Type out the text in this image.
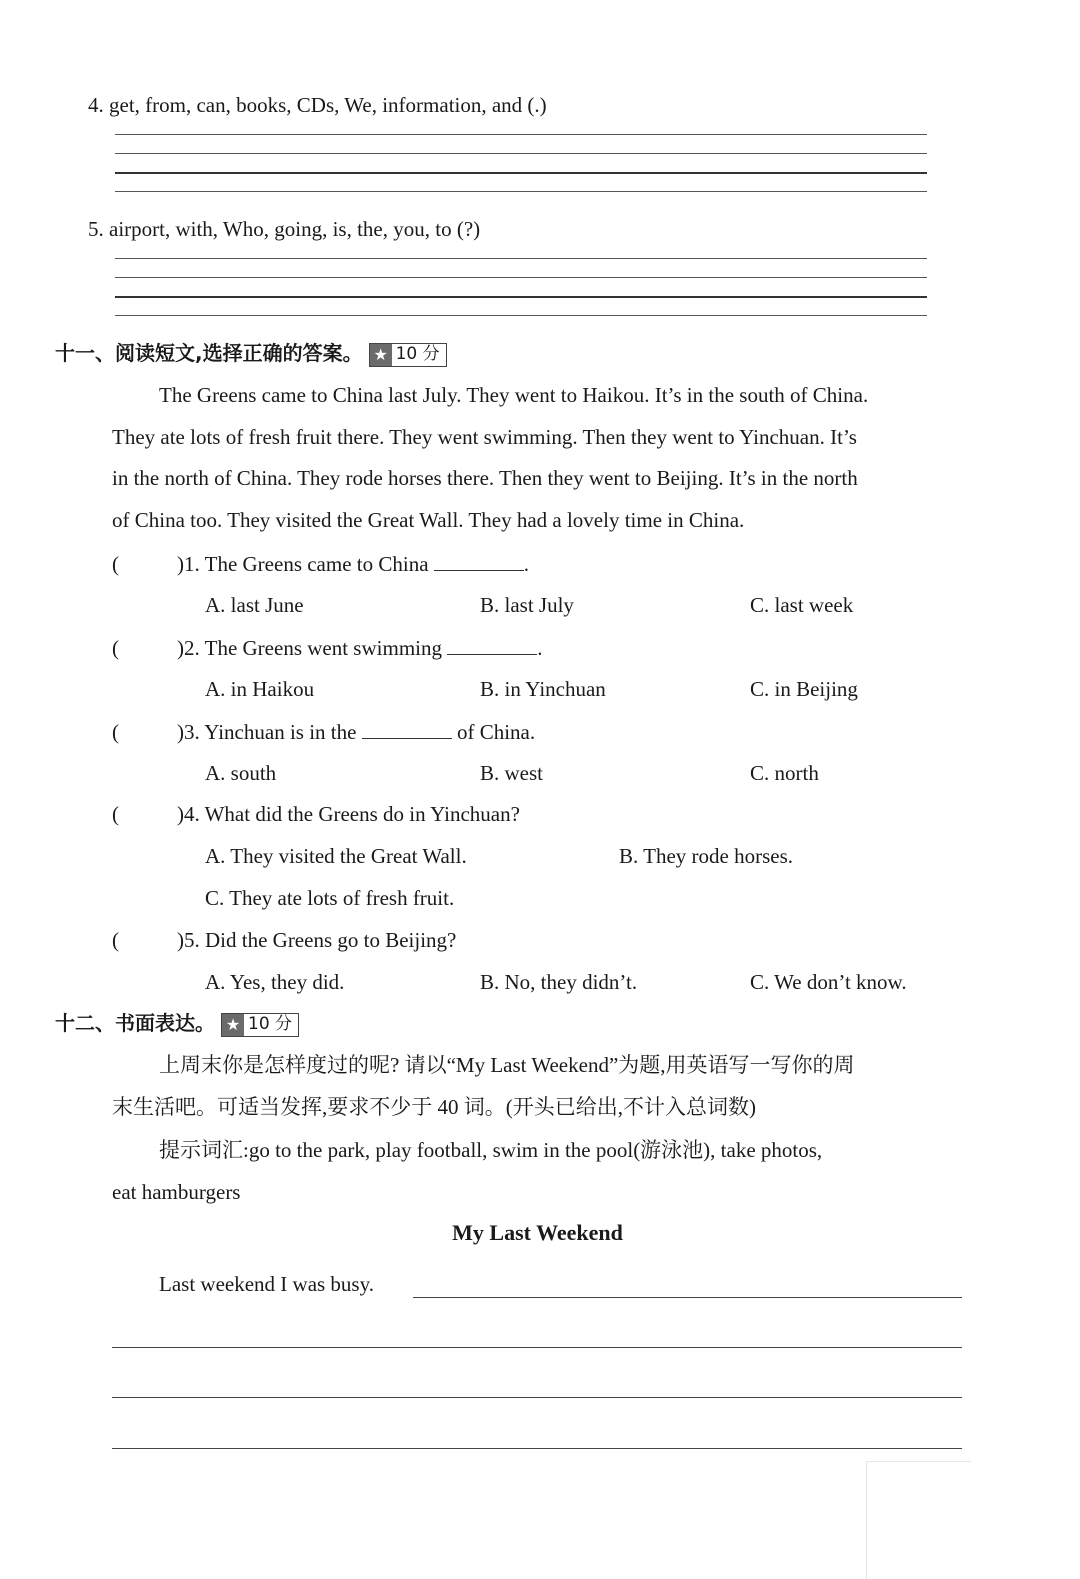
4. get, from, can, books, CDs, We, information, and (.)
5. airport, with, Who, going, is, the, you, to (?)
十一、阅读短文,选择正确的答案。 ★ 10 分
The Greens came to China last July. They went to Haikou. It’s in the south of China.
They ate lots of fresh fruit there. They went swimming. Then they went to Yinchuan. It’s
in the north of China. They rode horses there. Then they went to Beijing. It’s in the north
of China too. They visited the Great Wall. They had a lovely time in China.
(	)1. The Greens came to China	.
A. last June	B. last July	C. last week
(	)2. The Greens went swimming	.
A. in Haikou	B. in Yinchuan	C. in Beijing
(	)3. Yinchuan is in the	of China.
A. south	B. west	C. north
(	)4. What did the Greens do in Yinchuan?
A. They visited the Great Wall.	B. They rode horses.
C. They ate lots of fresh fruit.
(	)5. Did the Greens go to Beijing?
A. Yes, they did.	B. No, they didn’t.	C. We don’t know.
十二、书面表达。 ★ 10 分
上周末你是怎样度过的呢? 请以“My Last Weekend”为题,用英语写一写你的周
末生活吧。可适当发挥,要求不少于 40 词。(开头已给出,不计入总词数)
提示词汇:go to the park, play football, swim in the pool(游泳池), take photos,
eat hamburgers
My Last Weekend
Last weekend I was busy.
